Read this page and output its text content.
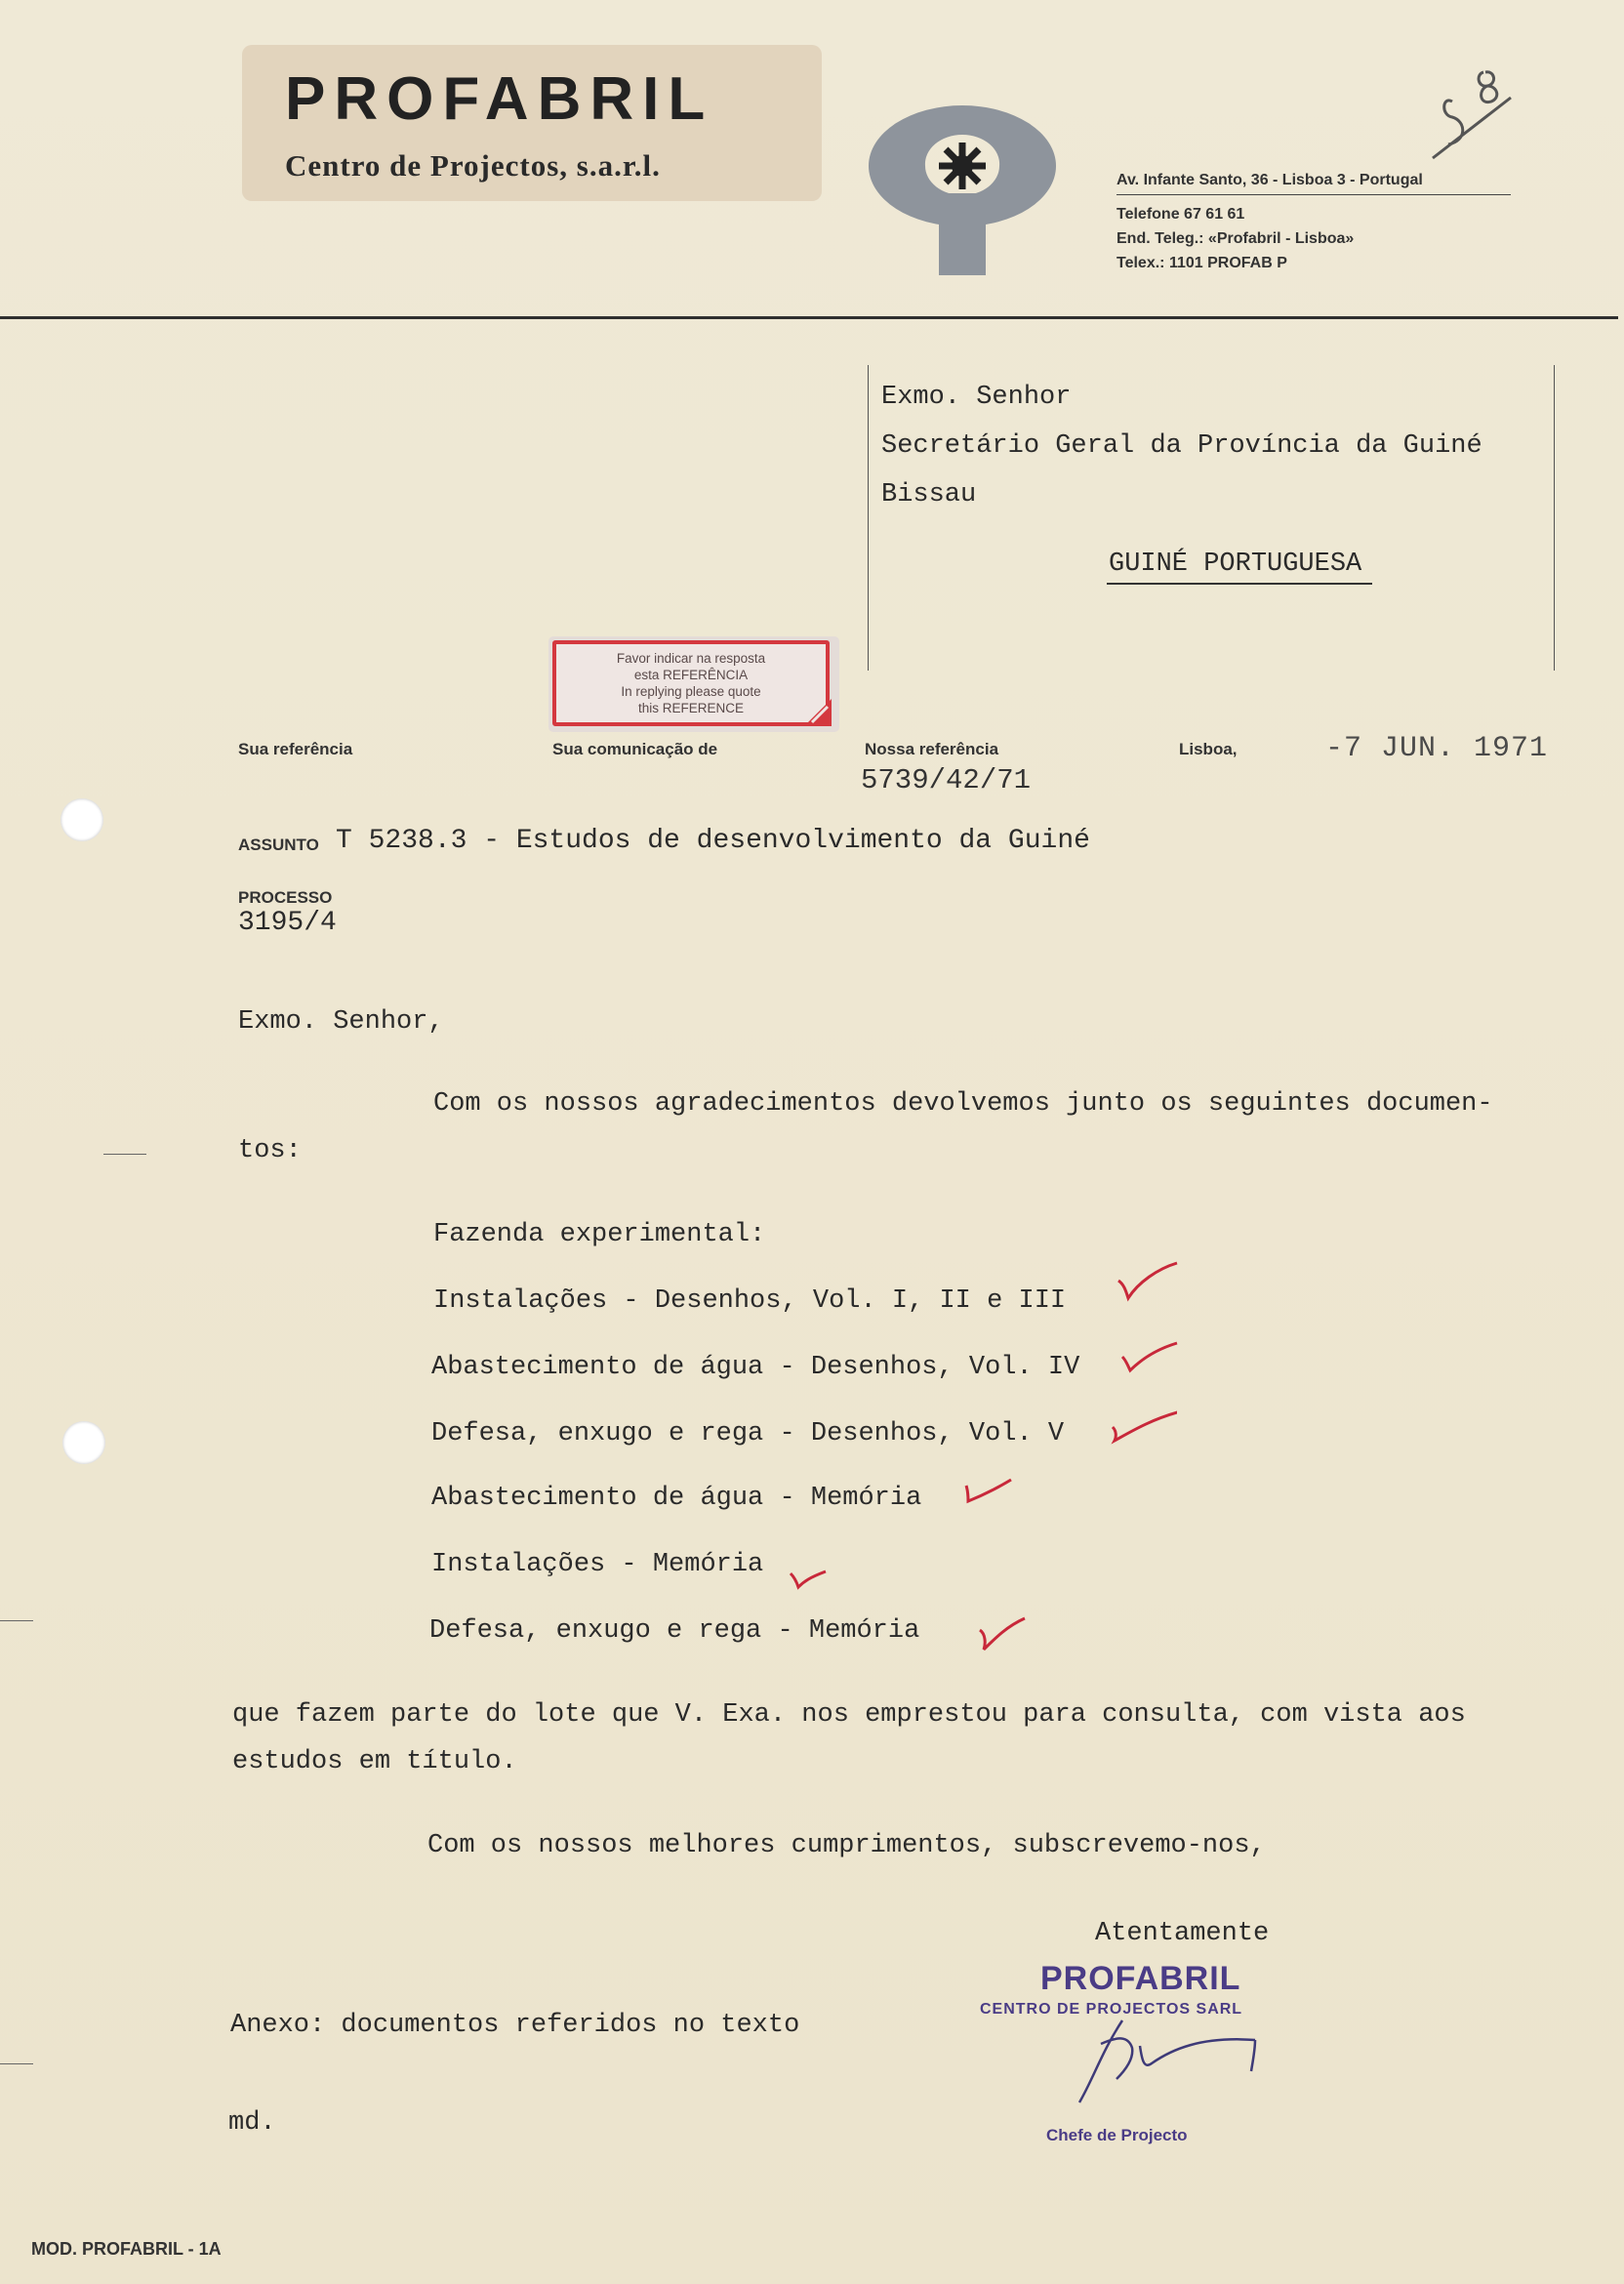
PROFABRIL
Centro de Projectos, s.a.r.l.	Av. Infante Santo, 36 - Lisboa 3 - Portugal
Telefone 67 61 61
End. Teleg.: «Profabril - Lisboa»
Telex.: 1101 PROFAB P
Exmo. Senhor
Secretário Geral da Província da Guiné
Bissau
GUINÉ PORTUGUESA
Favor indicar na resposta
esta REFERÊNCIA
In replying please quote
this REFERENCE
Sua referência	Sua comunicação de	Nossa referência
5739/42/71
Lisboa,	-7 JUN. 1971
ASSUNTO T 5238.3 - Estudos de desenvolvimento da Guiné
PROCESSO
3195/4
Exmo. Senhor,
Com os nossos agradecimentos devolvemos junto os seguintes documen-
tos:
Fazenda experimental:
Instalações - Desenhos, Vol. I, II e III
Abastecimento de água - Desenhos, Vol. IV
Defesa, enxugo e rega - Desenhos, Vol. V
Abastecimento de água - Memória
Instalações - Memória
Defesa, enxugo e rega - Memória
que fazem parte do lote que V. Exa. nos emprestou para consulta, com vista aos
estudos em título.
Com os nossos melhores cumprimentos, subscrevemo-nos,
Atentamente
Anexo: documentos referidos no texto
md.
PROFABRIL
CENTRO DE PROJECTOS SARL
Chefe de Projecto
MOD. PROFABRIL - 1A
